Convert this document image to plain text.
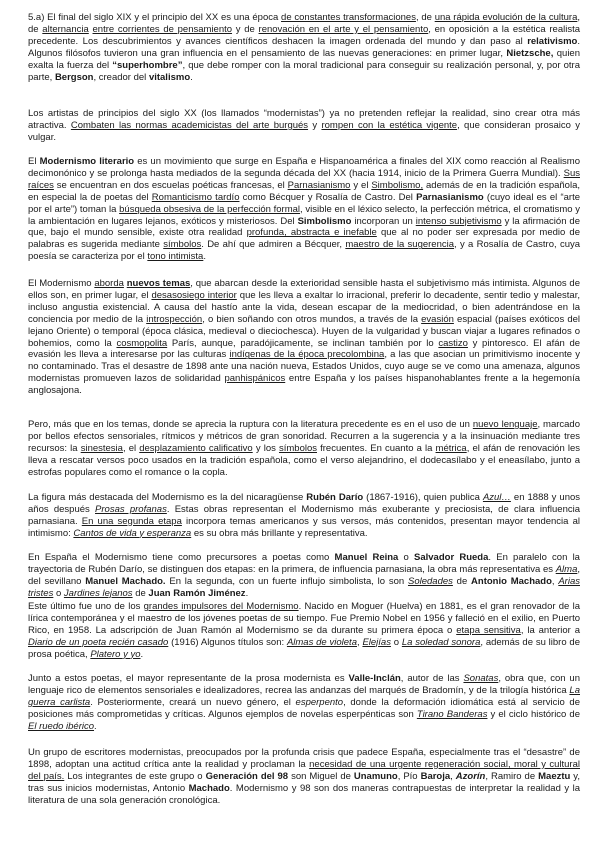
5.a) El final del siglo XIX y el principio del XX es una época de constantes transformaciones, de una rápida evolución de la cultura, de alternancia entre corrientes de pensamiento y de renovación en el arte y el pensamiento, en oposición a la estética realista precedente. Los descubrimientos y avances científicos deshacen la imagen ordenada del mundo y dan paso al relativismo. Algunos filósofos tuvieron una gran influencia en el pensamiento de las nuevas generaciones: en primer lugar, Nietzsche, quien exalta la fuerza del “superhombre”, que debe romper con la moral tradicional para conseguir su realización personal, y, por otra parte, Bergson, creador del vitalismo.

Los artistas de principios del siglo XX (los llamados “modernistas”) ya no pretenden reflejar la realidad, sino crear otra más atractiva. Combaten las normas academicistas del arte burgués y rompen con la estética vigente, que consideran prosaico y vulgar.

El Modernismo literario es un movimiento que surge en España e Hispanoamérica a finales del XIX como reacción al Realismo decimonónico y se prolonga hasta mediados de la segunda década del XX (hacia 1914, inicio de la Primera Guerra Mundial). Sus raíces se encuentran en dos escuelas poéticas francesas, el Parnasianismo y el Simbolismo, además de en la tradición española, en especial la de poetas del Romanticismo tardío como Bécquer y Rosalía de Castro. Del Parnasianismo (cuyo ideal es el “arte por el arte”) toman la búsqueda obsesiva de la perfección formal, visible en el léxico selecto, la perfección métrica, el cromatismo y la ambientación en lugares lejanos, exóticos y misteriosos. Del Simbolismo incorporan un intenso subjetivismo y la afirmación de que, bajo el mundo sensible, existe otra realidad profunda, abstracta e inefable que al no poder ser expresada por medio de palabras es sugerida mediante símbolos. De ahí que admiren a Bécquer, maestro de la sugerencia, y a Rosalía de Castro, cuya poesía se caracteriza por el tono intimista.

El Modernismo aborda nuevos temas, que abarcan desde la exterioridad sensible hasta el subjetivismo más intimista. Algunos de ellos son, en primer lugar, el desasosiego interior que les lleva a exaltar lo irracional, preferir lo decadente, sentir tedio y malestar, incluso angustia existencial. A causa del hastío ante la vida, desean escapar de la mediocridad, o bien adentrándose en la conciencia por medio de la introspección, o bien soñando con otros mundos, a través de la evasión espacial (países exóticos del lejano Oriente) o temporal (época clásica, medieval o dieciochesca). Huyen de la vulgaridad y buscan viajar a lugares refinados o bohemios, como la cosmopolita París, aunque, paradójicamente, se inclinan también por lo castizo y pintoresco. El afán de evasión les lleva a interesarse por las culturas indígenas de la época precolombina, a las que asocian un primitivismo inocente y no contaminado. Tras el desastre de 1898 ante una nación nueva, Estados Unidos, cuyo auge se ve como una amenaza, algunos modernistas promueven lazos de solidaridad panhispánicos entre España y los países hispanohablantes frente a la hegemonía anglosajona.

Pero, más que en los temas, donde se aprecia la ruptura con la literatura precedente es en el uso de un nuevo lenguaje, marcado por bellos efectos sensoriales, rítmicos y métricos de gran sonoridad. Recurren a la sugerencia y a la insinuación mediante tres recursos: la sinestesia, el desplazamiento calificativo y los símbolos frecuentes. En cuanto a la métrica, el afán de renovación les lleva a rescatar versos poco usados en la tradición española, como el verso alejandrino, el dodecasílabo y el eneasílabo, junto a estrofas populares como el romance o la copla.

La figura más destacada del Modernismo es la del nicaragüense Rubén Darío (1867-1916), quien publica Azul… en 1888 y unos años después Prosas profanas. Estas obras representan el Modernismo más exuberante y preciosista, de clara influencia parnasiana. En una segunda etapa incorpora temas americanos y sus versos, más contenidos, presentan mayor tendencia al intimismo: Cantos de vida y esperanza es su obra más brillante y representativa.

En España el Modernismo tiene como precursores a poetas como Manuel Reina o Salvador Rueda. En paralelo con la trayectoria de Rubén Darío, se distinguen dos etapas: en la primera, de influencia parnasiana, la obra más representativa es Alma, del sevillano Manuel Machado. En la segunda, con un fuerte influjo simbolista, lo son Soledades de Antonio Machado, Arias tristes o Jardines lejanos de Juan Ramón Jiménez.

Este último fue uno de los grandes impulsores del Modernismo. Nacido en Moguer (Huelva) en 1881, es el gran renovador de la lírica contemporánea y el maestro de los jóvenes poetas de su tiempo. Fue Premio Nobel en 1956 y falleció en el exilio, en Puerto Rico, en 1958. La adscripción de Juan Ramón al Modernismo se da durante su primera época o etapa sensitiva, la anterior a Diario de un poeta recién casado (1916) Algunos títulos son: Almas de violeta, Elejías o La soledad sonora, además de su libro de prosa poética, Platero y yo.

Junto a estos poetas, el mayor representante de la prosa modernista es Valle-Inclán, autor de las Sonatas, obra que, con un lenguaje rico de elementos sensoriales e idealizadores, recrea las andanzas del marqués de Bradomín, y de la trilogía histórica La guerra carlista. Posteriormente, creará un nuevo género, el esperpento, donde la deformación idiomática está al servicio de posiciones más comprometidas y críticas. Algunos ejemplos de novelas esperpénticas son Tirano Banderas y el ciclo histórico de El ruedo ibérico.

Un grupo de escritores modernistas, preocupados por la profunda crisis que padece España, especialmente tras el “desastre” de 1898, adoptan una actitud crítica ante la realidad y proclaman la necesidad de una urgente regeneración social, moral y cultural del país. Los integrantes de este grupo o Generación del 98 son Miguel de Unamuno, Pío Baroja, Azorín, Ramiro de Maeztu y, tras sus inicios modernistas, Antonio Machado. Modernismo y 98 son dos maneras contrapuestas de interpretar la realidad y la literatura de una sola generación cronológica.
